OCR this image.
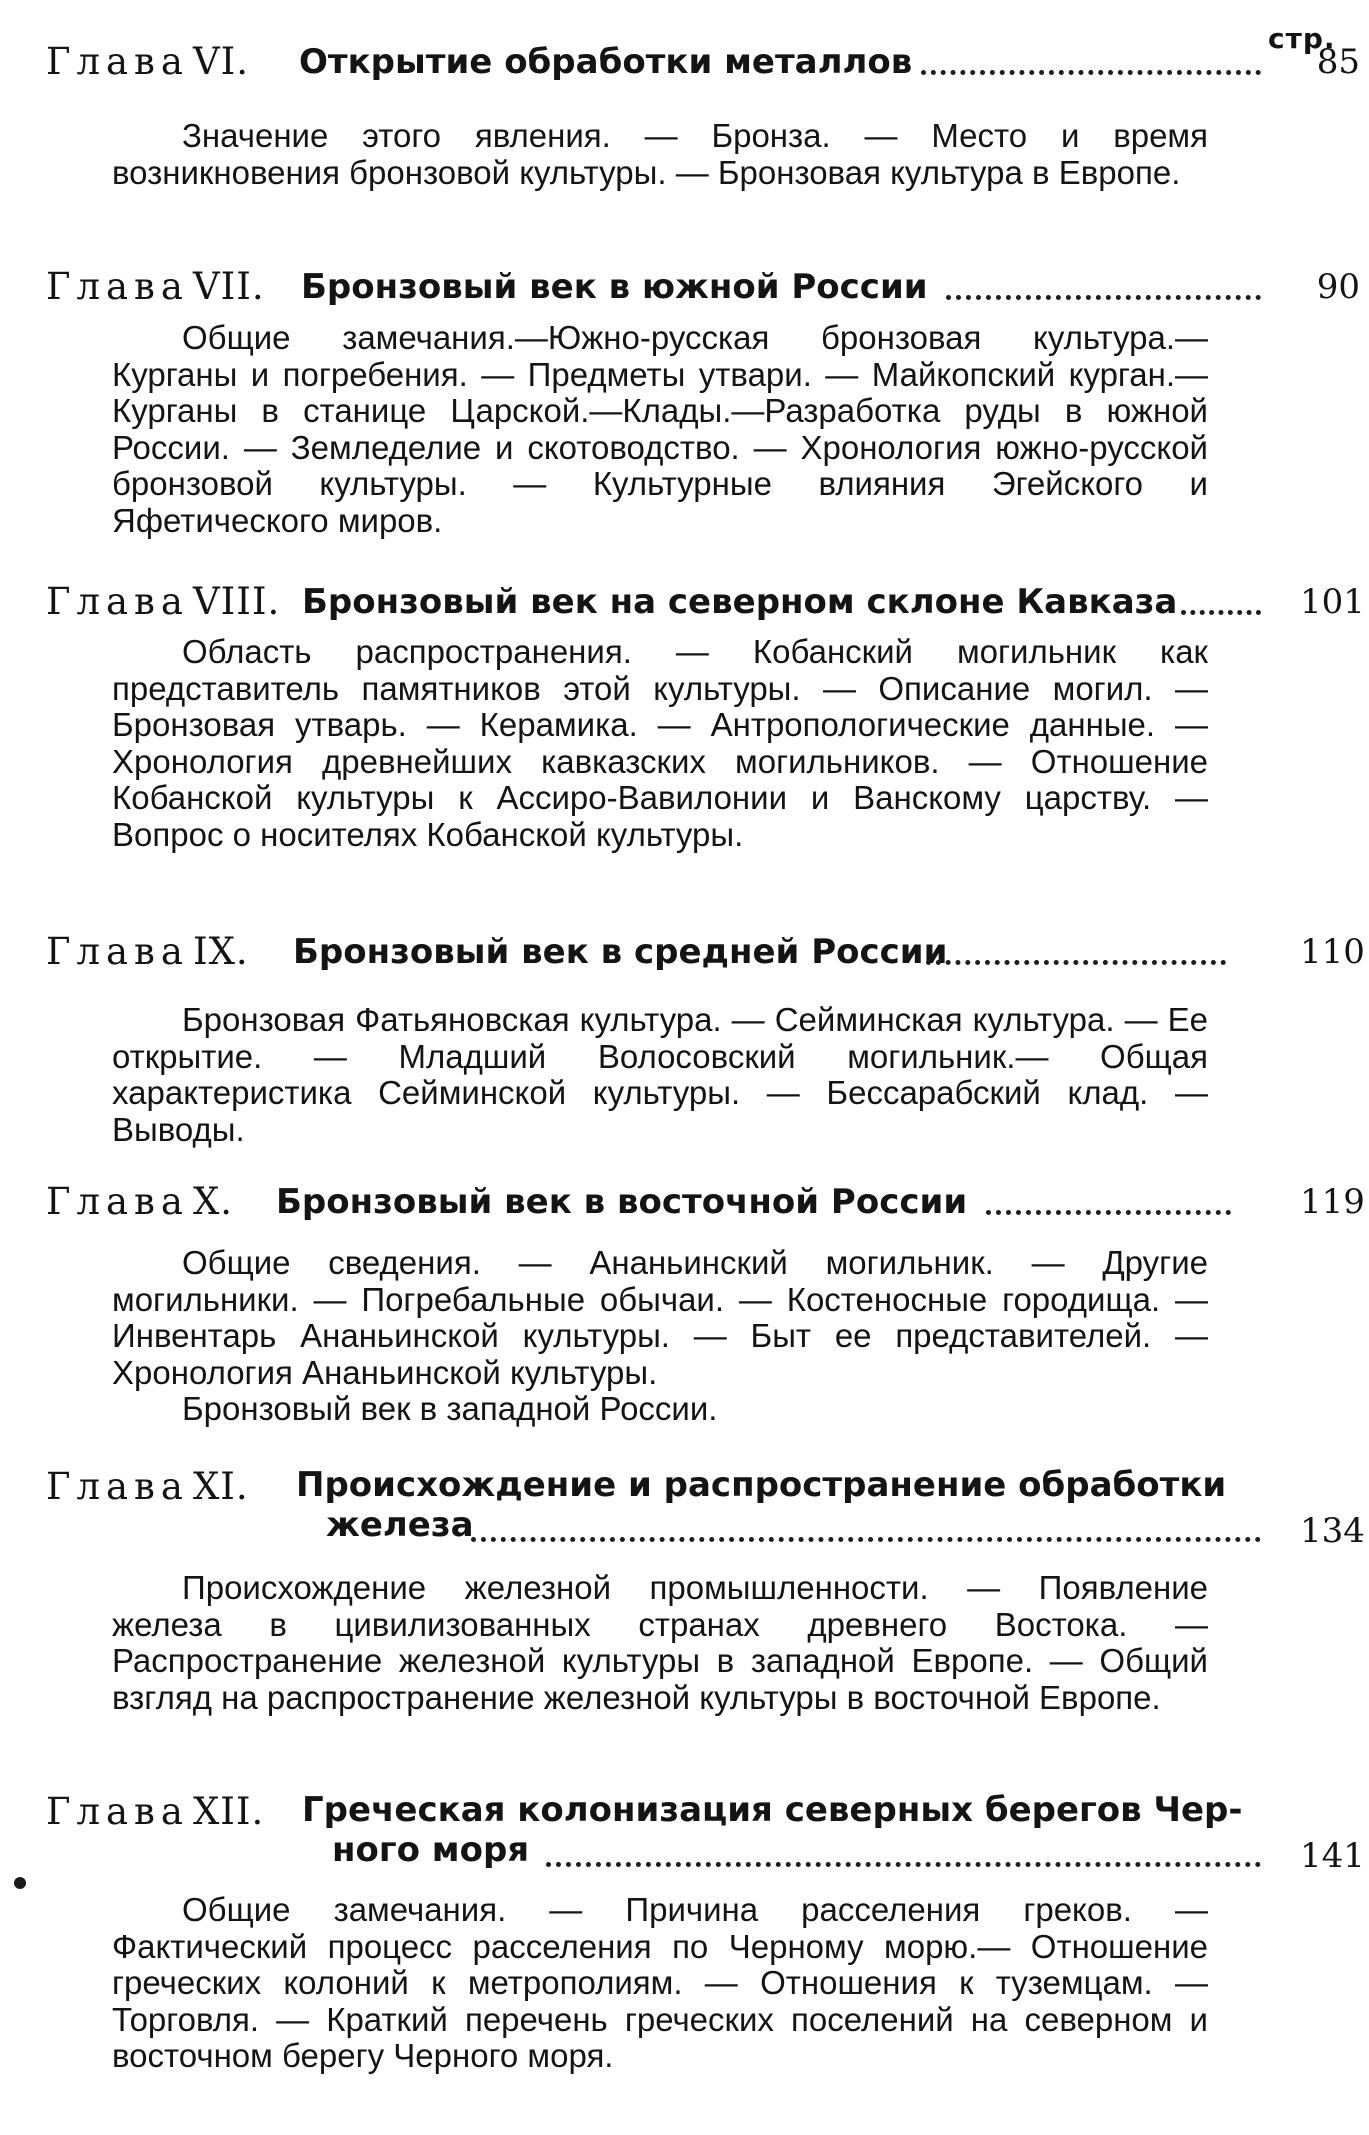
стр.
Глава VI. Открытие обработки металлов	85
Значение этого явления. — Бронза. — Место и время возникновения бронзовой культуры. — Бронзовая культура в Европе.
Глава VII. Бронзовый век в южной России	90
Общие замечания.—Южно-русская бронзовая культура.— Курганы и погребения. — Предметы утвари. — Майкопский курган.— Курганы в станице Царской.—Клады.—Разработка руды в южной России. — Земледелие и скотоводство. — Хронология южно-русской бронзовой культуры. — Культурные влияния Эгейского и Яфетического миров.
Глава VIII. Бронзовый век на северном склоне Кавказа	101
Область распространения. — Кобанский могильник как представитель памятников этой культуры. — Описание могил. — Бронзовая утварь. — Керамика. — Антропологические данные. — Хронология древнейших кавказских могильников. — Отношение Кобанской культуры к Ассиро-Вавилонии и Ванскому царству. — Вопрос о носителях Кобанской культуры.
Глава IX. Бронзовый век в средней России	110
Бронзовая Фатьяновская культура. — Сейминская культура. — Ее открытие. — Младший Волосовский могильник.— Общая характеристика Сейминской культуры. — Бессарабский клад. — Выводы.
Глава X. Бронзовый век в восточной России	119
Общие сведения. — Ананьинский могильник. — Другие могильники. — Погребальные обычаи. — Костеносные городища. — Инвентарь Ананьинской культуры. — Быт ее представителей. — Хронология Ананьинской культуры.
Бронзовый век в западной России.
Глава XI. Происхождение и распространение обработки
железа	134
Происхождение железной промышленности. — Появление железа в цивилизованных странах древнего Востока. — Распространение железной культуры в западной Европе. — Общий взгляд на распространение железной культуры в восточной Европе.
Глава XII. Греческая колонизация северных берегов Чер-
ного моря	141
Общие замечания. — Причина расселения греков. — Фактический процесс расселения по Черному морю.— Отношение греческих колоний к метрополиям. — Отношения к туземцам. — Торговля. — Краткий перечень греческих поселений на северном и восточном берегу Черного моря.
